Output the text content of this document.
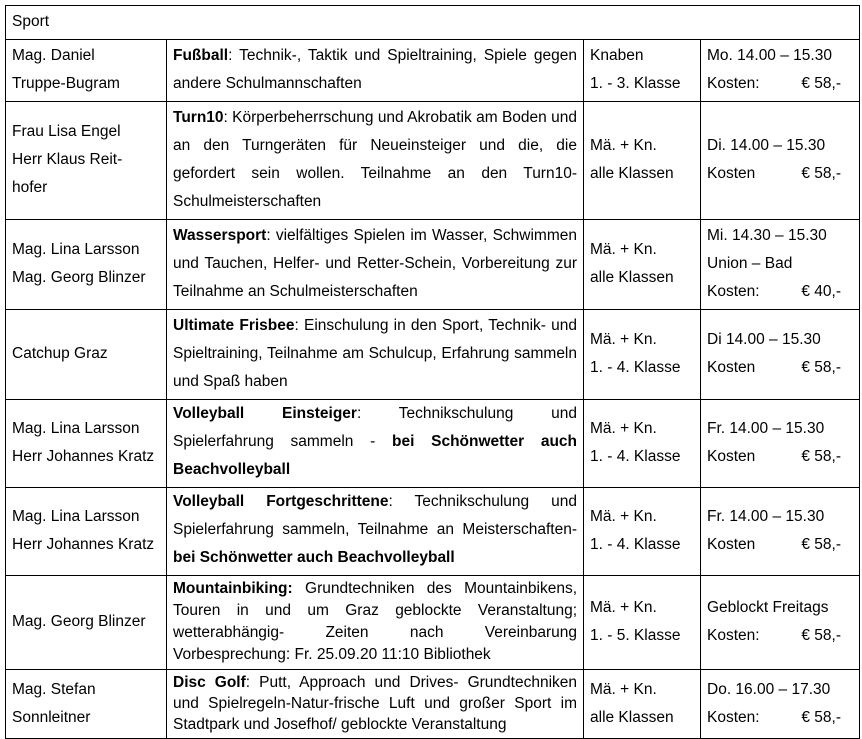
Sport			

Mag. Daniel
Truppe-Bugram	Fußball: Technik-, Taktik und Spieltraining, Spiele gegen andere Schulmannschaften	Knaben
1. - 3. Klasse	Mo. 14.00 – 15.30
Kosten: € 58,-

Frau Lisa Engel
Herr Klaus Reit-
hofer	Turn10: Körperbeherrschung und Akrobatik am Boden und an den Turngeräten für Neueinsteiger und die, die gefordert sein wollen. Teilnahme an den Turn10-Schulmeisterschaften	Mä. + Kn.
alle Klassen	Di. 14.00 – 15.30
Kosten € 58,-

Mag. Lina Larsson
Mag. Georg Blinzer	Wassersport: vielfältiges Spielen im Wasser, Schwimmen und Tauchen, Helfer- und Retter-Schein, Vorbereitung zur Teilnahme an Schulmeisterschaften	Mä. + Kn.
alle Klassen	Mi. 14.30 – 15.30
Union – Bad
Kosten: € 40,-

Catchup Graz	Ultimate Frisbee: Einschulung in den Sport, Technik- und Spieltraining, Teilnahme am Schulcup, Erfahrung sammeln und Spaß haben	Mä. + Kn.
1. - 4. Klasse	Di 14.00 – 15.30
Kosten € 58,-

Mag. Lina Larsson
Herr Johannes Kratz	Volleyball Einsteiger: Technikschulung und Spielerfahrung sammeln - bei Schönwetter auch Beachvolleyball	Mä. + Kn.
1. - 4. Klasse	Fr. 14.00 – 15.30
Kosten € 58,-

Mag. Lina Larsson
Herr Johannes Kratz	Volleyball Fortgeschrittene: Technikschulung und Spielerfahrung sammeln, Teilnahme an Meisterschaften- bei Schönwetter auch Beachvolleyball	Mä. + Kn.
1. - 4. Klasse	Fr. 14.00 – 15.30
Kosten € 58,-

Mag. Georg Blinzer	Mountainbiking: Grundtechniken des Mountainbikens, Touren in und um Graz geblockte Veranstaltung; wetterabhängig- Zeiten nach Vereinbarung Vorbesprechung: Fr. 25.09.20 11:10 Bibliothek	Mä. + Kn.
1. - 5. Klasse	Geblockt Freitags
Kosten: € 58,-

Mag. Stefan
Sonnleitner	Disc Golf: Putt, Approach und Drives- Grundtechniken und Spielregeln-Natur-frische Luft und großer Sport im Stadtpark und Josefhof/ geblockte Veranstaltung	Mä. + Kn.
alle Klassen	Do. 16.00 – 17.30
Kosten: € 58,-
